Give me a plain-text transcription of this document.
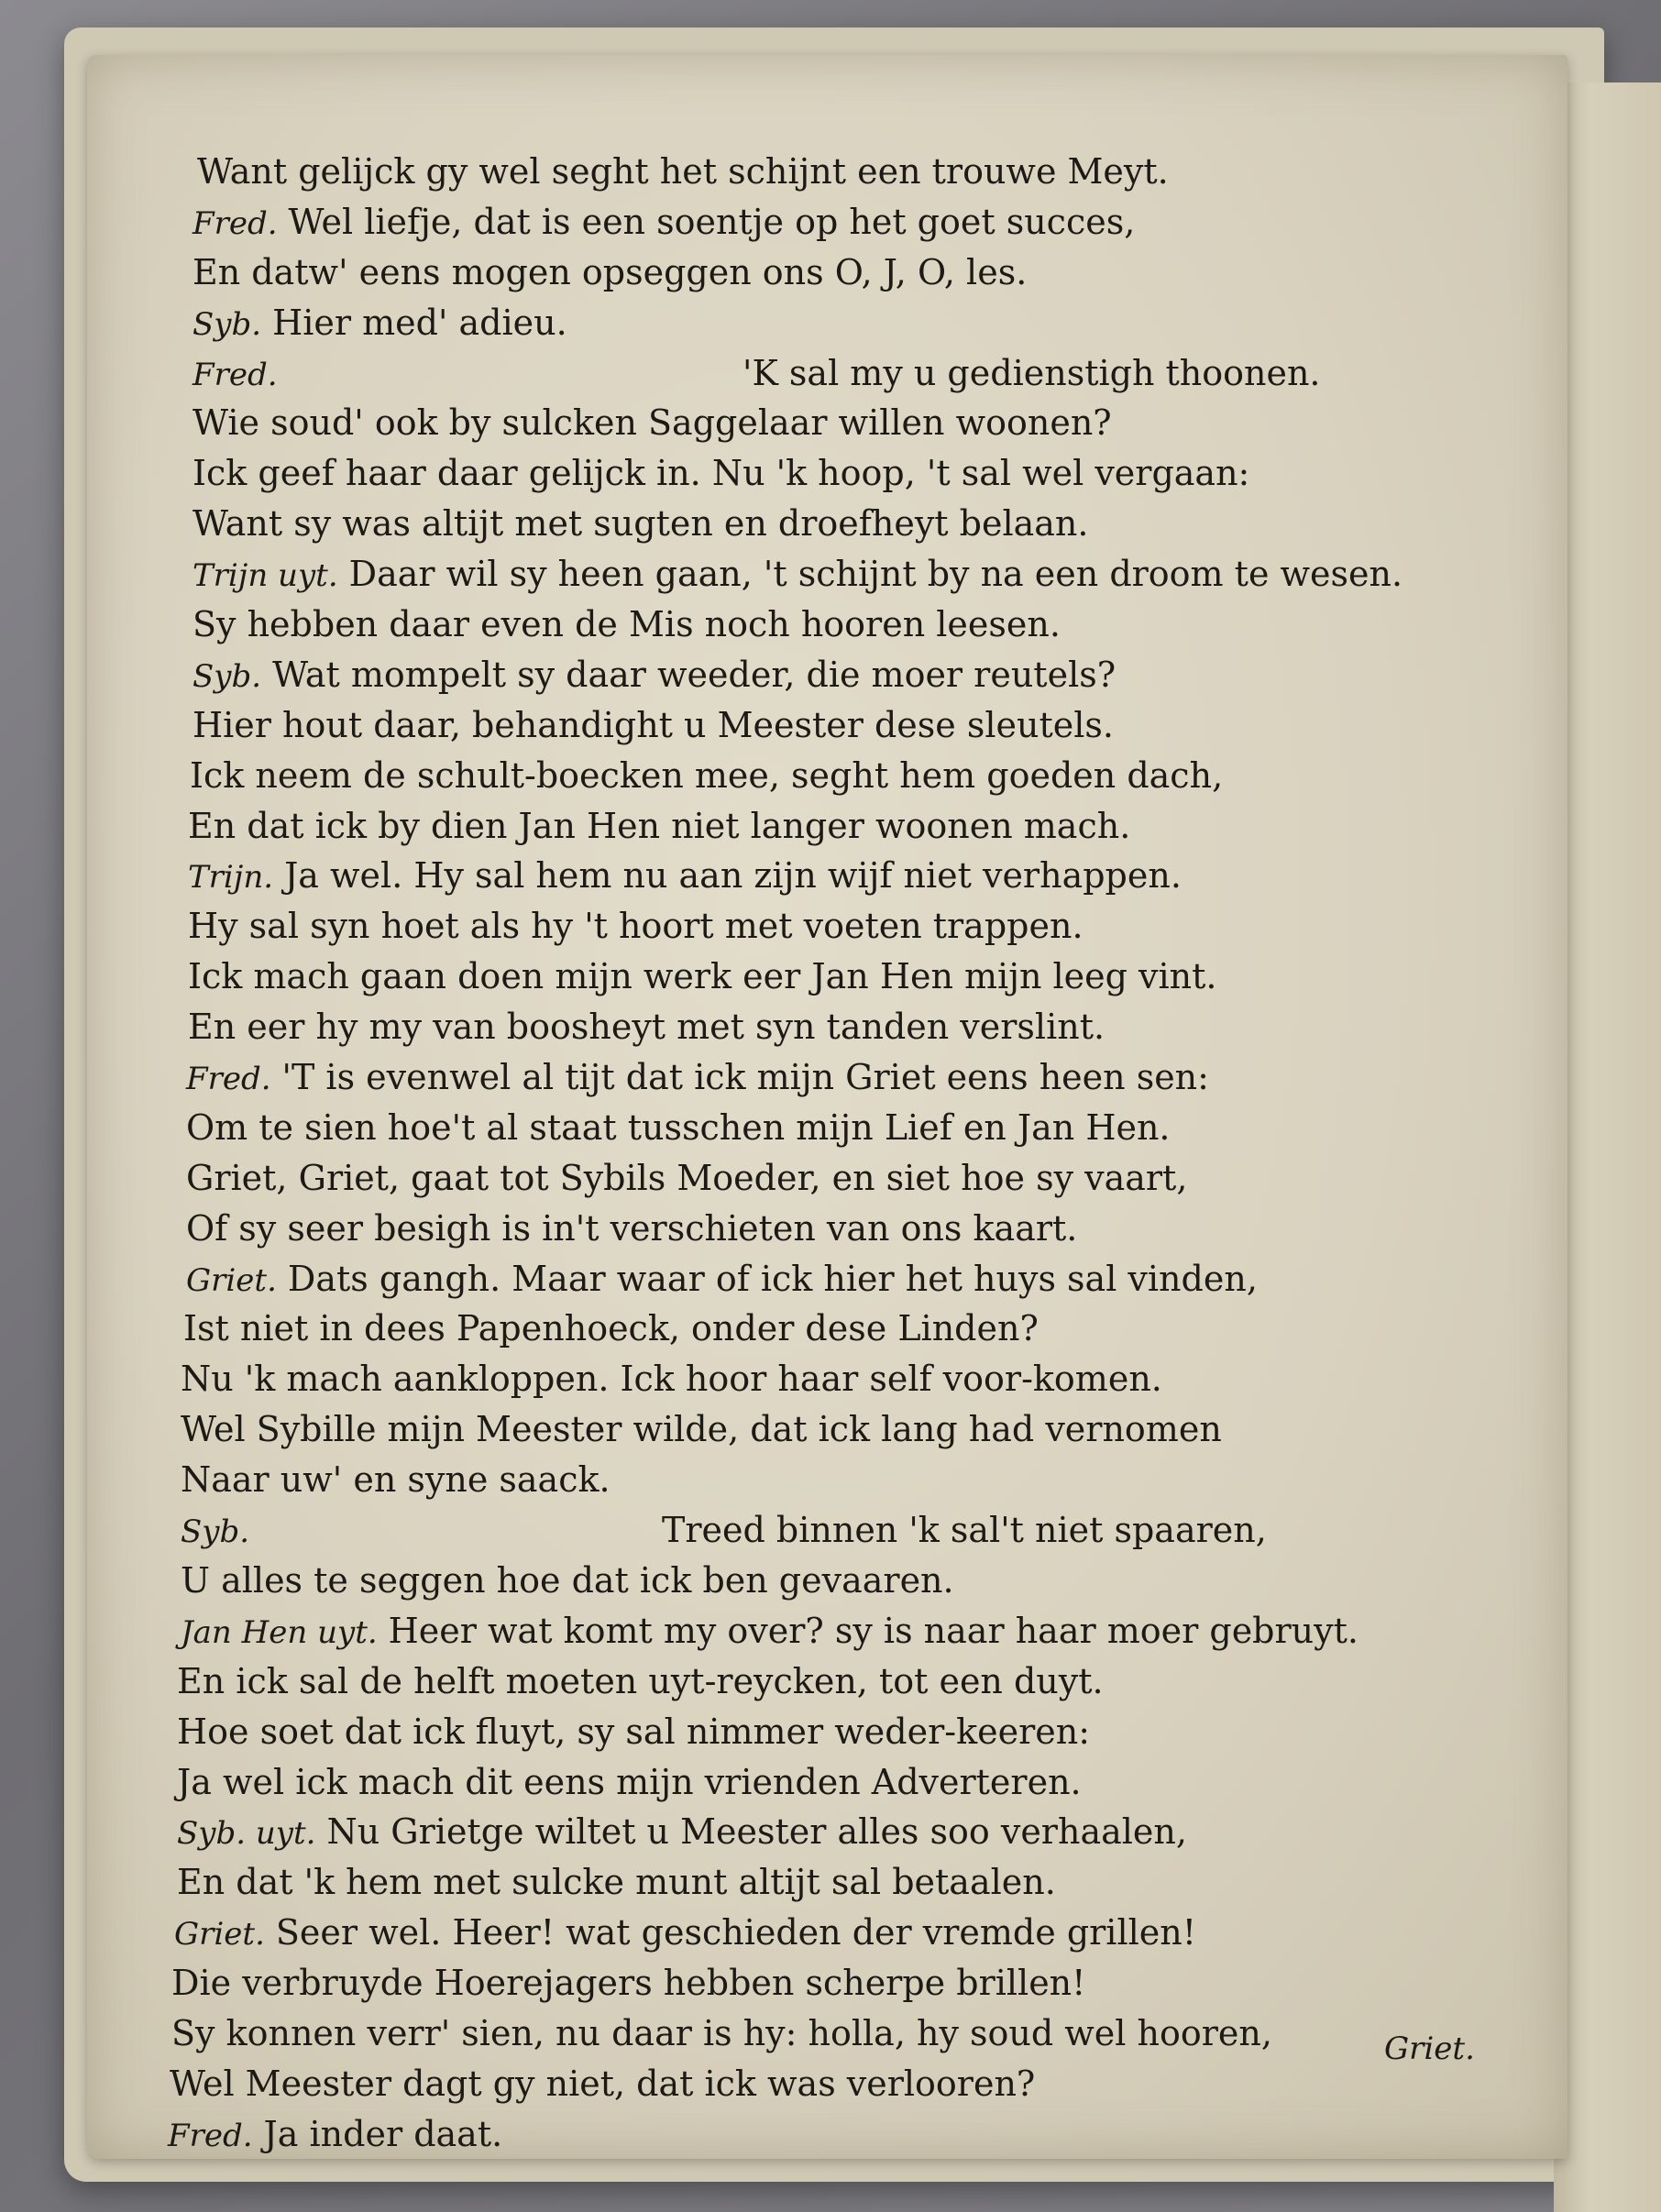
Want gelijck gy wel seght het schijnt een trouwe Meyt.
Fred. Wel liefje, dat is een soentje op het goet succes,
En datw' eens mogen opseggen ons O, J, O, les.
Syb. Hier med' adieu.
Fred.	'K sal my u gedienstigh thoonen.
Wie soud' ook by sulcken Saggelaar willen woonen?
Ick geef haar daar gelijck in. Nu 'k hoop, 't sal wel vergaan:
Want sy was altijt met sugten en droefheyt belaan.
Trijn uyt. Daar wil sy heen gaan, 't schijnt by na een droom te wesen.
Sy hebben daar even de Mis noch hooren leesen.
Syb. Wat mompelt sy daar weeder, die moer reutels?
Hier hout daar, behandight u Meester dese sleutels.
Ick neem de schult-boecken mee, seght hem goeden dach,
En dat ick by dien Jan Hen niet langer woonen mach.
Trijn. Ja wel. Hy sal hem nu aan zijn wijf niet verhappen.
Hy sal syn hoet als hy 't hoort met voeten trappen.
Ick mach gaan doen mijn werk eer Jan Hen mijn leeg vint.
En eer hy my van boosheyt met syn tanden verslint.
Fred. 'T is evenwel al tijt dat ick mijn Griet eens heen sen:
Om te sien hoe't al staat tusschen mijn Lief en Jan Hen.
Griet, Griet, gaat tot Sybils Moeder, en siet hoe sy vaart,
Of sy seer besigh is in't verschieten van ons kaart.
Griet. Dats gangh. Maar waar of ick hier het huys sal vinden,
Ist niet in dees Papenhoeck, onder dese Linden?
Nu 'k mach aankloppen. Ick hoor haar self voor-komen.
Wel Sybille mijn Meester wilde, dat ick lang had vernomen
Naar uw' en syne saack.
Syb.	Treed binnen 'k sal't niet spaaren,
U alles te seggen hoe dat ick ben gevaaren.
Jan Hen uyt. Heer wat komt my over? sy is naar haar moer gebruyt.
En ick sal de helft moeten uyt-reycken, tot een duyt.
Hoe soet dat ick fluyt, sy sal nimmer weder-keeren:
Ja wel ick mach dit eens mijn vrienden Adverteren.
Syb. uyt. Nu Grietge wiltet u Meester alles soo verhaalen,
En dat 'k hem met sulcke munt altijt sal betaalen.
Griet. Seer wel. Heer! wat geschieden der vremde grillen!
Die verbruyde Hoerejagers hebben scherpe brillen!
Sy konnen verr' sien, nu daar is hy: holla, hy soud wel hooren,
Wel Meester dagt gy niet, dat ick was verlooren?
Fred. Ja inder daat.
Griet.
